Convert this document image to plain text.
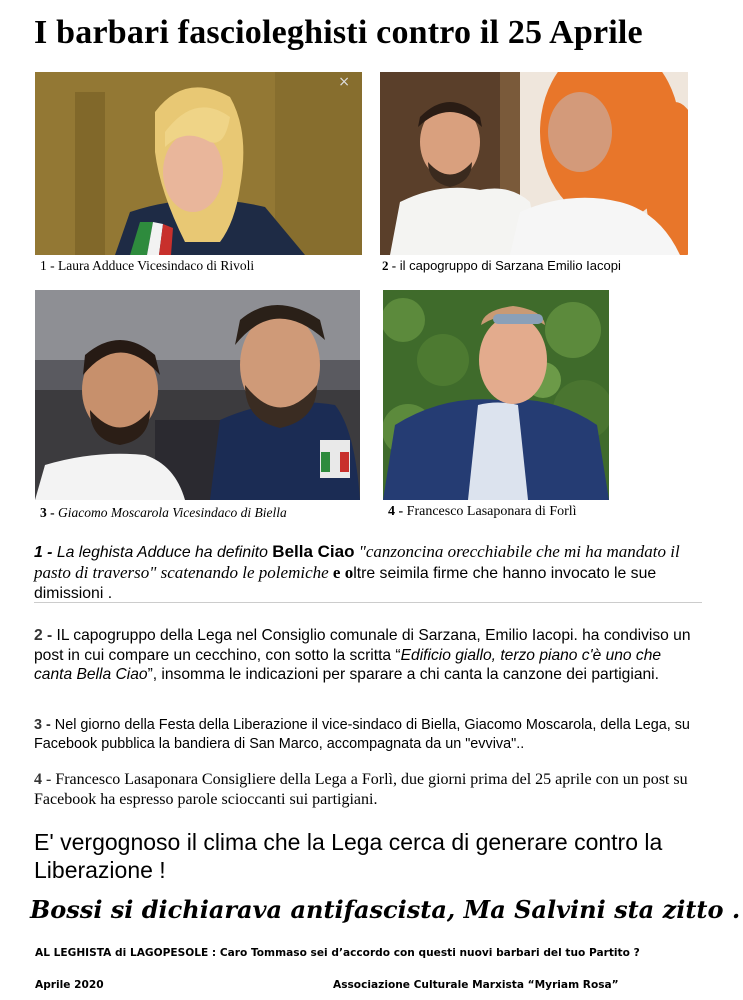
I barbari fascioleghisti contro il 25 Aprile
×
1 - Laura Adduce Vicesindaco di Rivoli	2 - il capogruppo di Sarzana Emilio Iacopi
3 - Giacomo Moscarola Vicesindaco di Biella	4 - Francesco Lasaponara di Forlì

1 - La leghista Adduce ha definito Bella Ciao "canzoncina orecchiabile che mi ha mandato il pasto di traverso" scatenando le polemiche e oltre seimila firme che hanno invocato le sue dimissioni .

2 - IL capogruppo della Lega nel Consiglio comunale di Sarzana, Emilio Iacopi. ha condiviso un post in cui compare un cecchino, con sotto la scritta “Edificio giallo, terzo piano c'è uno che canta Bella Ciao”, insomma le indicazioni per sparare a chi canta la canzone dei partigiani.

3 - Nel giorno della Festa della Liberazione il vice-sindaco di Biella, Giacomo Moscarola, della Lega, su Facebook pubblica la bandiera di San Marco, accompagnata da un "evviva"..

4 - Francesco Lasaponara Consigliere della Lega a Forlì, due giorni prima del 25 aprile con un post su Facebook ha espresso parole scioccanti sui partigiani.

E' vergognoso il clima che la Lega cerca di generare contro la Liberazione !
Bossi si dichiarava antifascista, Ma Salvini sta zitto .
AL LEGHISTA di LAGOPESOLE : Caro Tommaso sei d’accordo con questi nuovi barbari del tuo Partito ?
Aprile 2020	Associazione Culturale Marxista “Myriam Rosa”
